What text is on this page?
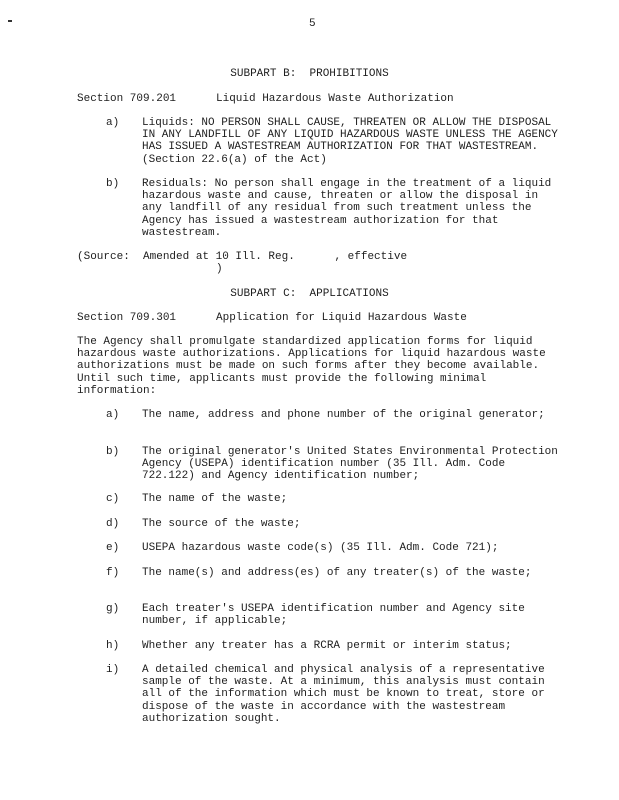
5
SUBPART B:  PROHIBITIONS
Section 709.201	Liquid Hazardous Waste Authorization
a) Liquids: NO PERSON SHALL CAUSE, THREATEN OR ALLOW THE DISPOSAL IN ANY LANDFILL OF ANY LIQUID HAZARDOUS WASTE UNLESS THE AGENCY HAS ISSUED A WASTESTREAM AUTHORIZATION FOR THAT WASTESTREAM. (Section 22.6(a) of the Act)
b) Residuals: No person shall engage in the treatment of a liquid hazardous waste and cause, threaten or allow the disposal in any landfill of any residual from such treatment unless the Agency has issued a wastestream authorization for that wastestream.
(Source:  Amended at 10 Ill. Reg.      , effective
)
SUBPART C:  APPLICATIONS
Section 709.301	Application for Liquid Hazardous Waste
The Agency shall promulgate standardized application forms for liquid hazardous waste authorizations. Applications for liquid hazardous waste authorizations must be made on such forms after they become available. Until such time, applicants must provide the following minimal information:
a) The name, address and phone number of the original generator;
b) The original generator's United States Environmental Protection Agency (USEPA) identification number (35 Ill. Adm. Code 722.122) and Agency identification number;
c) The name of the waste;
d) The source of the waste;
e) USEPA hazardous waste code(s) (35 Ill. Adm. Code 721);
f) The name(s) and address(es) of any treater(s) of the waste;
g) Each treater's USEPA identification number and Agency site number, if applicable;
h) Whether any treater has a RCRA permit or interim status;
i) A detailed chemical and physical analysis of a representative sample of the waste. At a minimum, this analysis must contain all of the information which must be known to treat, store or dispose of the waste in accordance with the wastestream authorization sought.
